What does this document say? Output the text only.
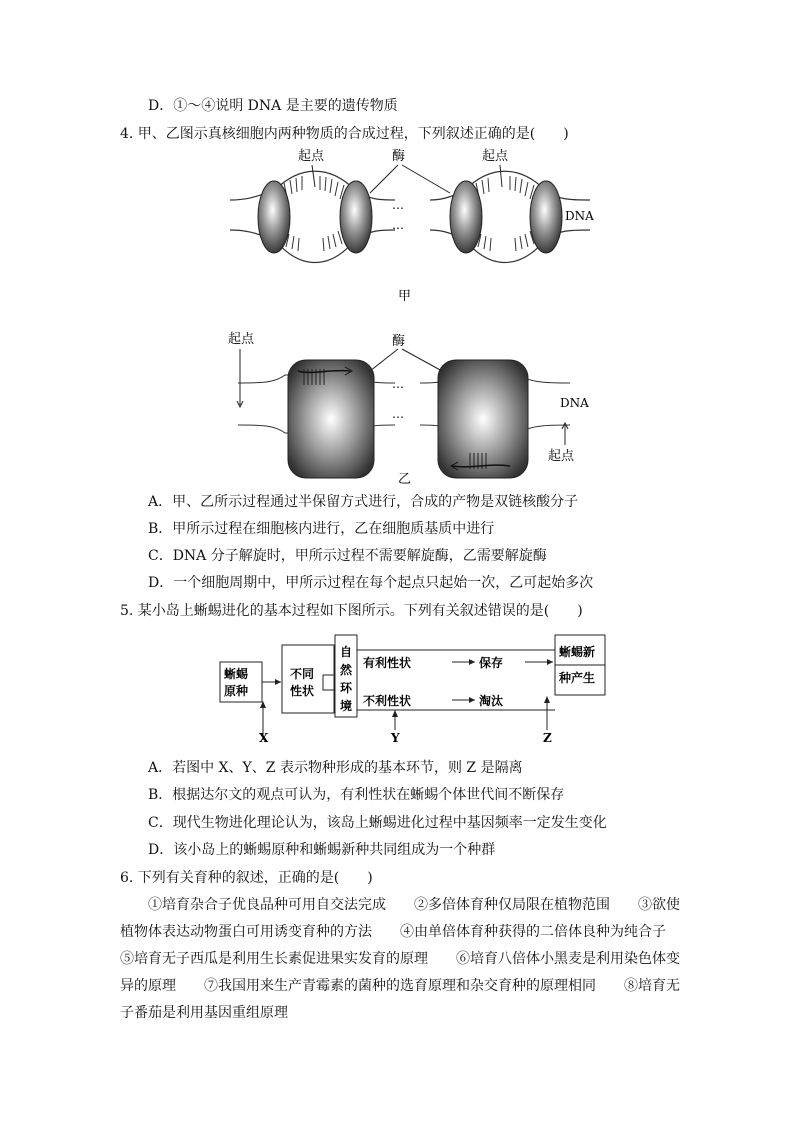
D．①～④说明 DNA 是主要的遗传物质
4. 甲、乙图示真核细胞内两种物质的合成过程，下列叙述正确的是(　　)
…
…
起点	酶	起点
DNA
甲
…
…
起点	酶
DNA
起点
乙
A．甲、乙所示过程通过半保留方式进行，合成的产物是双链核酸分子
B．甲所示过程在细胞核内进行，乙在细胞质基质中进行
C．DNA 分子解旋时，甲所示过程不需要解旋酶，乙需要解旋酶
D．一个细胞周期中，甲所示过程在每个起点只起始一次，乙可起始多次
5. 某小岛上蜥蜴进化的基本过程如下图所示。下列有关叙述错误的是(　　)
蜥蜴
原种
不同
性状
自
然
环
境
有利性状	保存
不利性状	淘汰
蜥蜴新
种产生
X	Y	Z
A．若图中 X、Y、Z 表示物种形成的基本环节，则 Z 是隔离
B．根据达尔文的观点可认为，有利性状在蜥蜴个体世代间不断保存
C．现代生物进化理论认为，该岛上蜥蜴进化过程中基因频率一定发生变化
D．该小岛上的蜥蜴原种和蜥蜴新种共同组成为一个种群
6. 下列有关育种的叙述，正确的是(　　)
①培育杂合子优良品种可用自交法完成　　②多倍体育种仅局限在植物范围　　③欲使
植物体表达动物蛋白可用诱变育种的方法　　④由单倍体育种获得的二倍体良种为纯合子
⑤培育无子西瓜是利用生长素促进果实发育的原理　　⑥培育八倍体小黑麦是利用染色体变
异的原理　　⑦我国用来生产青霉素的菌种的选育原理和杂交育种的原理相同　　⑧培育无
子番茄是利用基因重组原理
